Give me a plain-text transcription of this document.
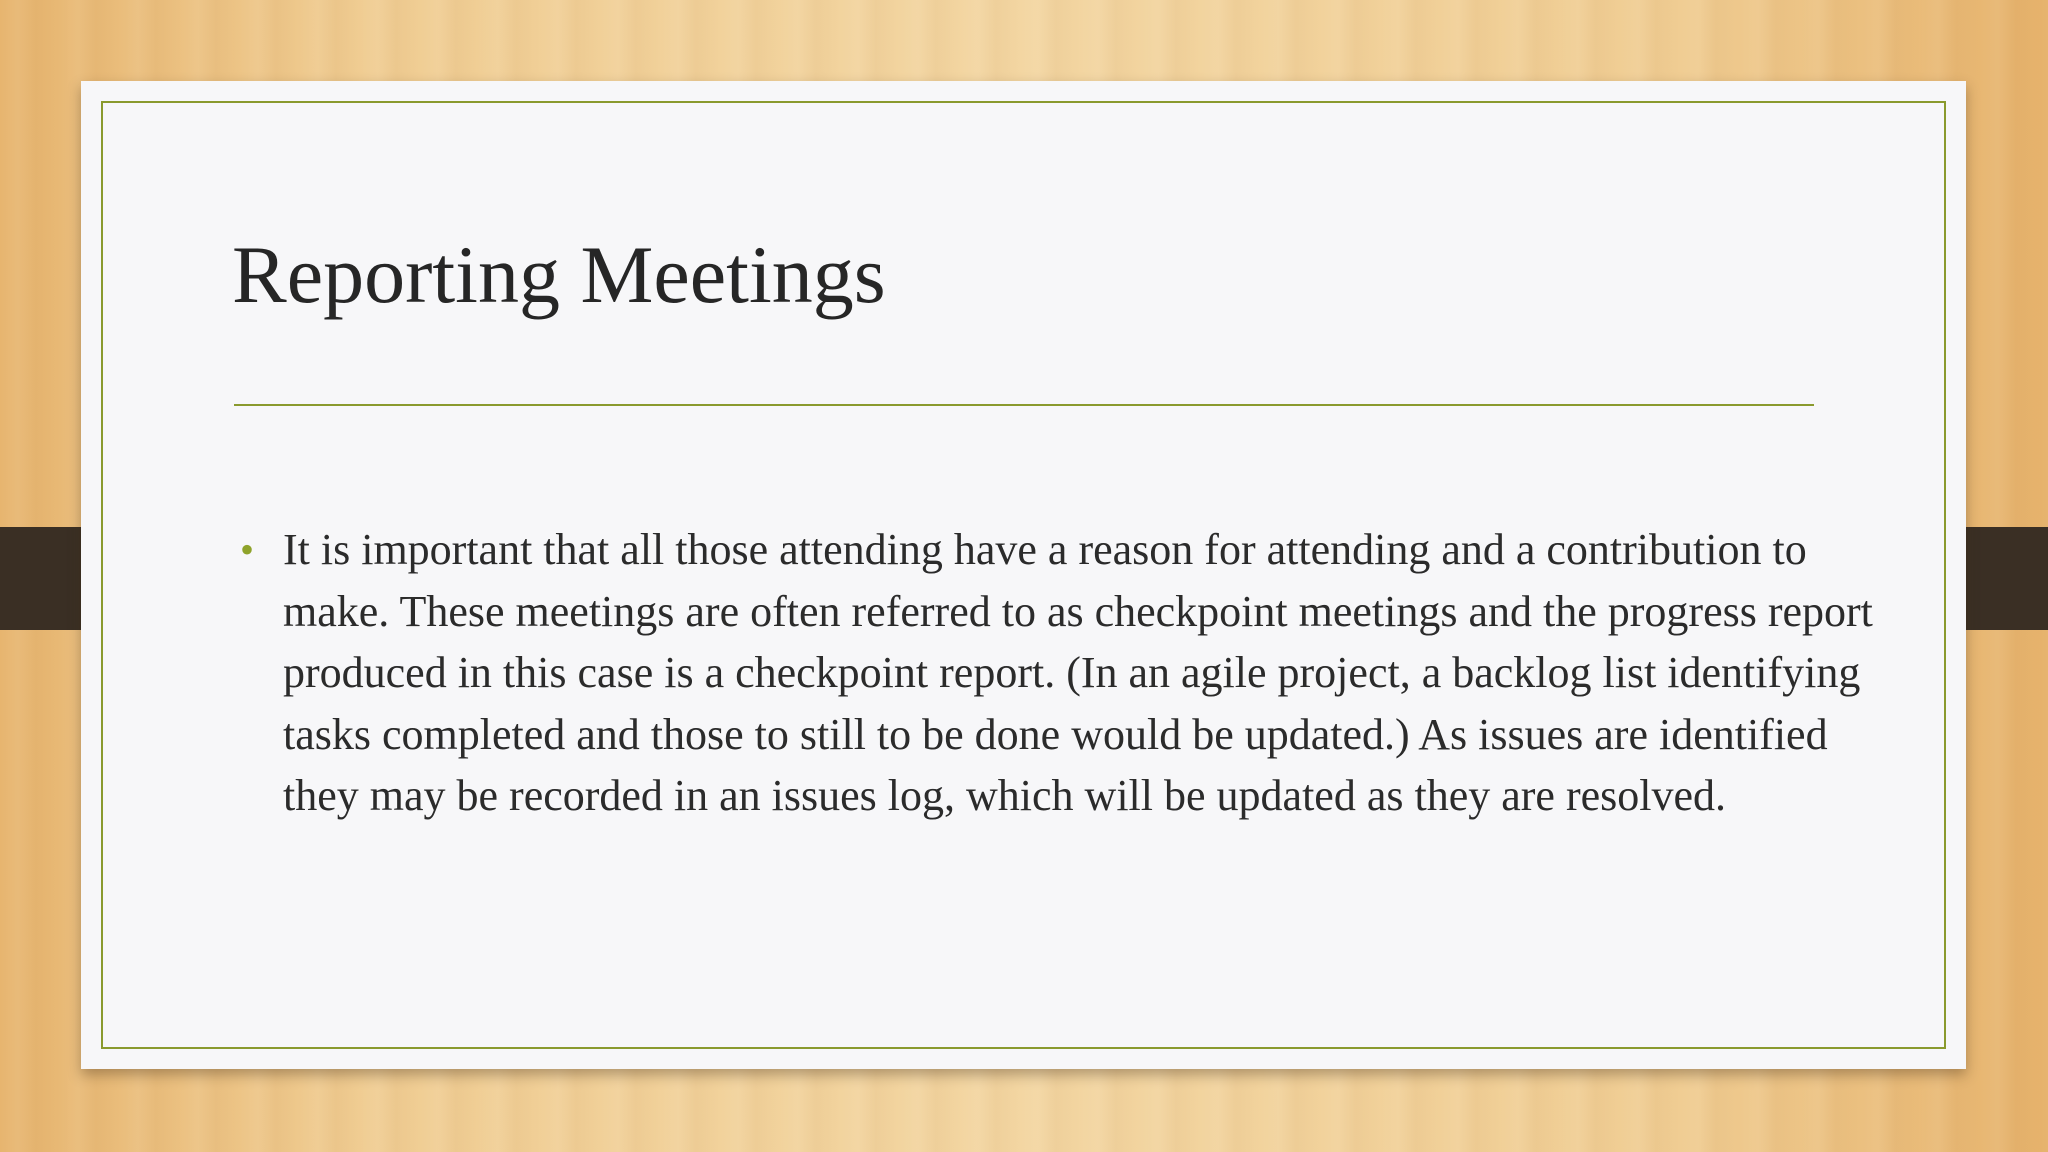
Reporting Meetings
• It is important that all those attending have a reason for attending and a contribution to make. These meetings are often referred to as checkpoint meetings and the progress report produced in this case is a checkpoint report. (In an agile project, a backlog list identifying tasks completed and those to still to be done would be updated.) As issues are identified they may be recorded in an issues log, which will be updated as they are resolved.
